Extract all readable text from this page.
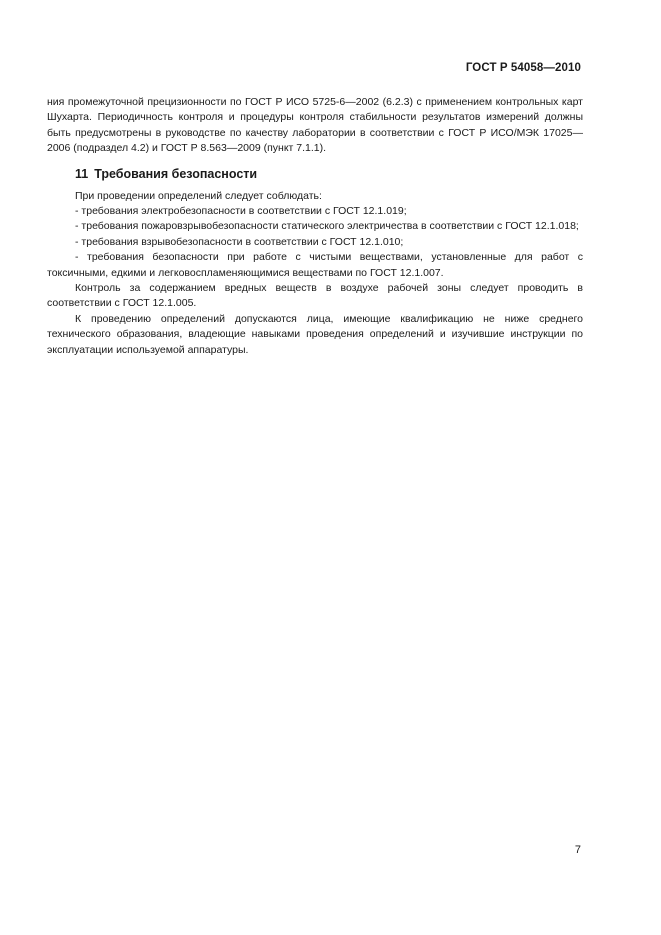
ГОСТ Р 54058—2010

ния промежуточной прецизионности по ГОСТ Р ИСО 5725-6—2002 (6.2.3) с применением контрольных карт Шухарта. Периодичность контроля и процедуры контроля стабильности результатов измерений должны быть предусмотрены в руководстве по качеству лаборатории в соответствии с ГОСТ Р ИСО/МЭК 17025—2006 (подраздел 4.2) и ГОСТ Р 8.563—2009 (пункт 7.1.1).

11 Требования безопасности

При проведении определений следует соблюдать:

- требования электробезопасности в соответствии с ГОСТ 12.1.019;

- требования пожаровзрывобезопасности статического электричества в соответствии с ГОСТ 12.1.018;

- требования взрывобезопасности в соответствии с ГОСТ 12.1.010;

- требования безопасности при работе с чистыми веществами, установленные для работ с токсичными, едкими и легковоспламеняющимися веществами по ГОСТ 12.1.007.

Контроль за содержанием вредных веществ в воздухе рабочей зоны следует проводить в соответствии с ГОСТ 12.1.005.

К проведению определений допускаются лица, имеющие квалификацию не ниже среднего технического образования, владеющие навыками проведения определений и изучившие инструкции по эксплуатации используемой аппаратуры.

7
